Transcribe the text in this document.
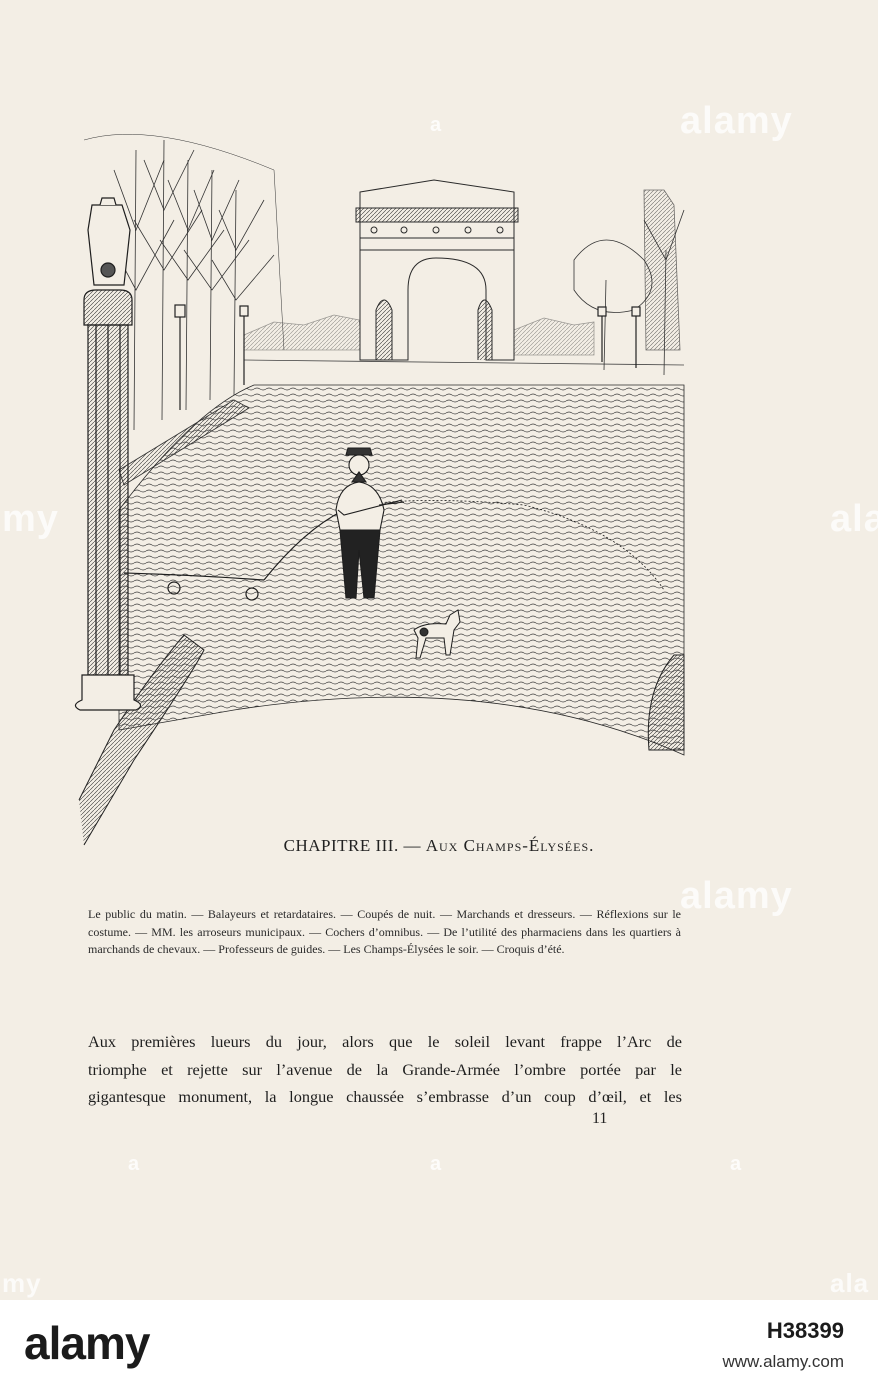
CHAPITRE III. — Aux Champs-Élysées.
Le public du matin. — Balayeurs et retardataires. — Coupés de nuit. — Marchands et dresseurs. — Réflexions sur le costume. — MM. les arroseurs municipaux. — Cochers d’omnibus. — De l’utilité des pharmaciens dans les quartiers à marchands de chevaux. — Professeurs de guides. — Les Champs-Élysées le soir. — Croquis d’été.
Aux premières lueurs du jour, alors que le soleil levant frappe l’Arc de
triomphe et rejette sur l’avenue de la Grande-Armée l’ombre portée par le
gigantesque monument, la longue chaussée s’embrasse d’un coup d’œil, et les
11
alamy
alamy
my	ala
a
a
a	a
my	ala
alamy	H38399
www.alamy.com
